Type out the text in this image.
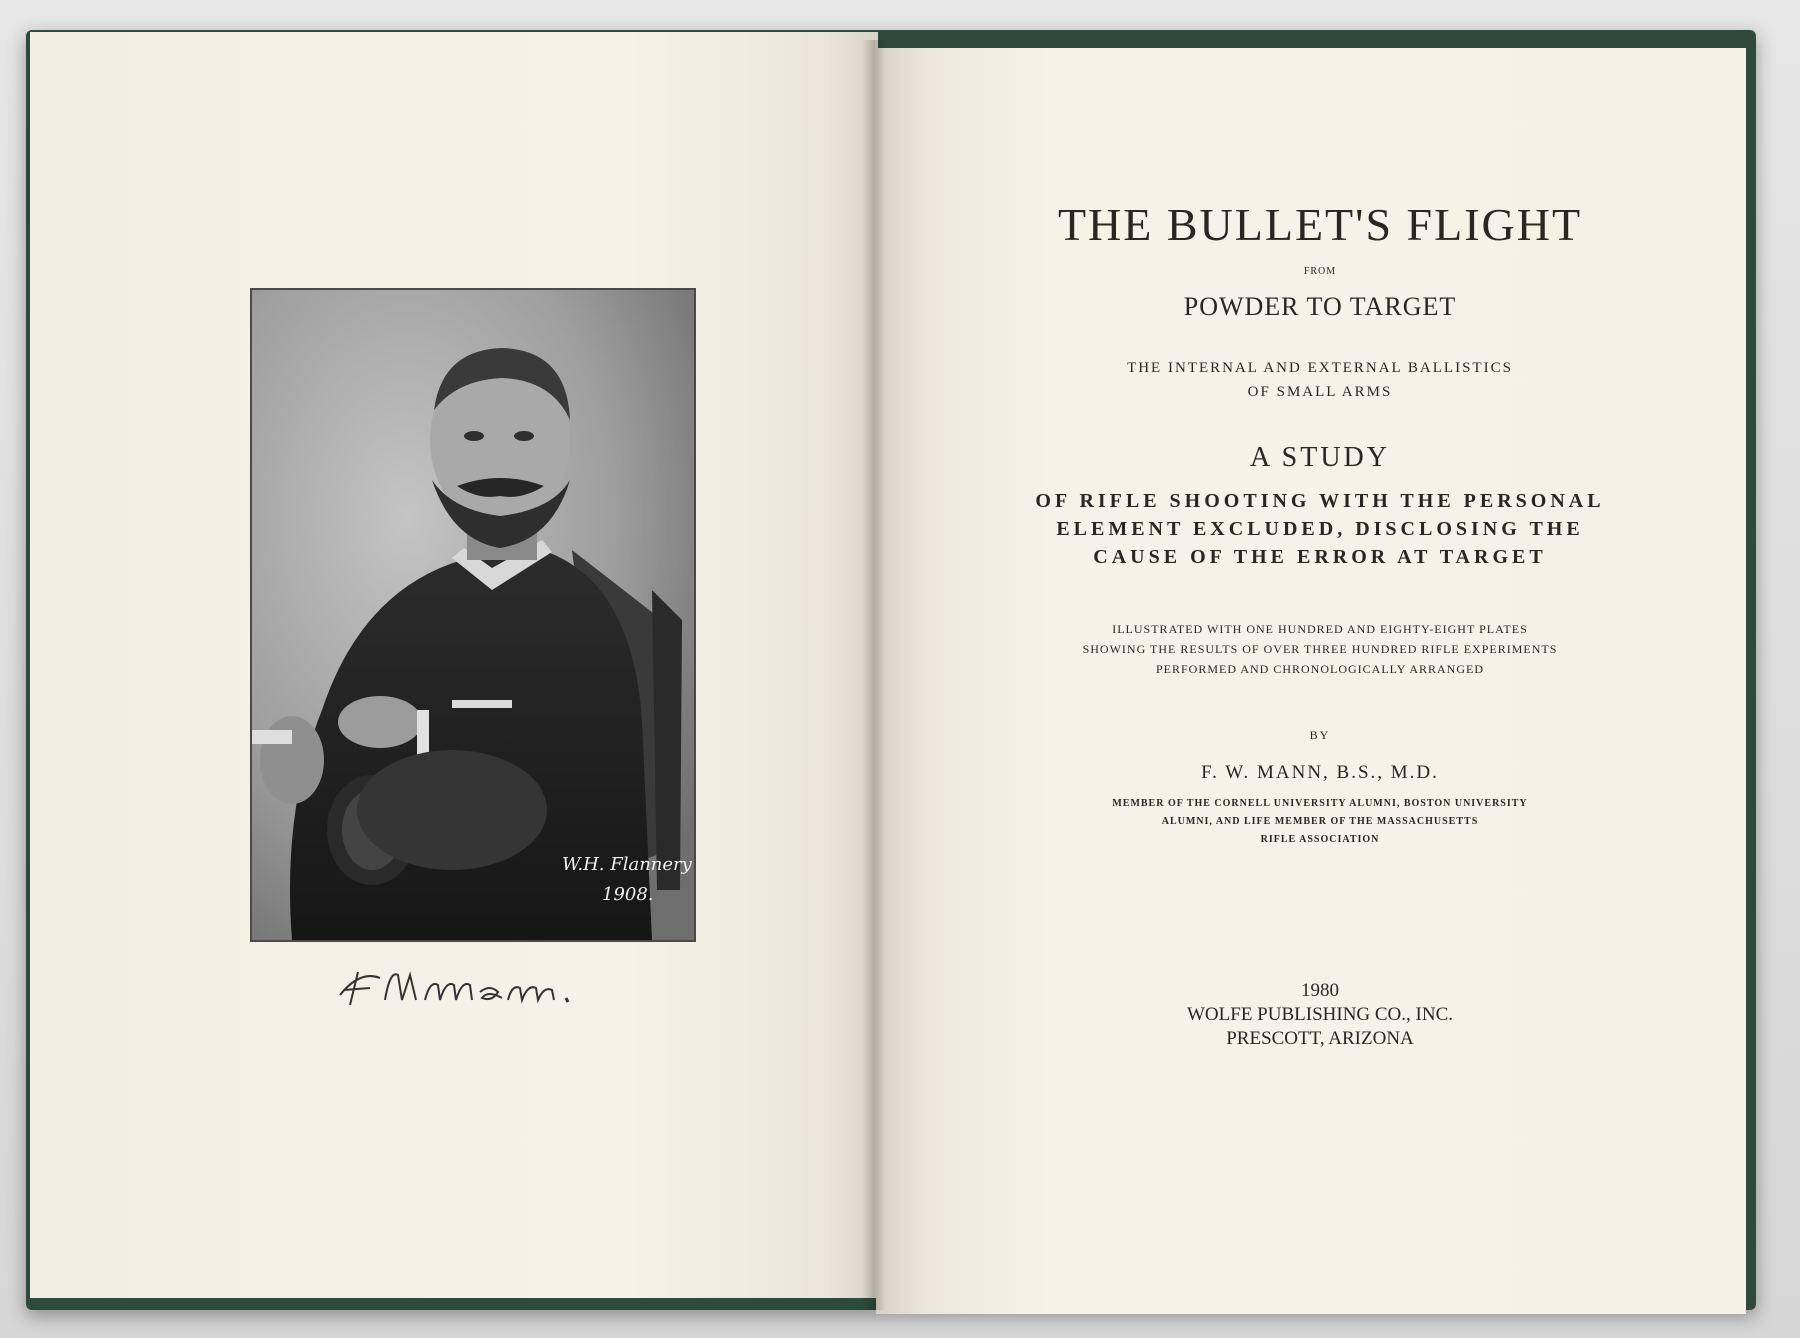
W.H. Flannery
1908.
THE BULLET'S FLIGHT
FROM
POWDER TO TARGET
THE INTERNAL AND EXTERNAL BALLISTICS
OF SMALL ARMS
A STUDY
OF RIFLE SHOOTING WITH THE PERSONAL
ELEMENT EXCLUDED, DISCLOSING THE
CAUSE OF THE ERROR AT TARGET
ILLUSTRATED WITH ONE HUNDRED AND EIGHTY-EIGHT PLATES
SHOWING THE RESULTS OF OVER THREE HUNDRED RIFLE EXPERIMENTS
PERFORMED AND CHRONOLOGICALLY ARRANGED
BY
F. W. MANN, B.S., M.D.
MEMBER OF THE CORNELL UNIVERSITY ALUMNI, BOSTON UNIVERSITY
ALUMNI, AND LIFE MEMBER OF THE MASSACHUSETTS
RIFLE ASSOCIATION
1980
WOLFE PUBLISHING CO., INC.
PRESCOTT, ARIZONA
